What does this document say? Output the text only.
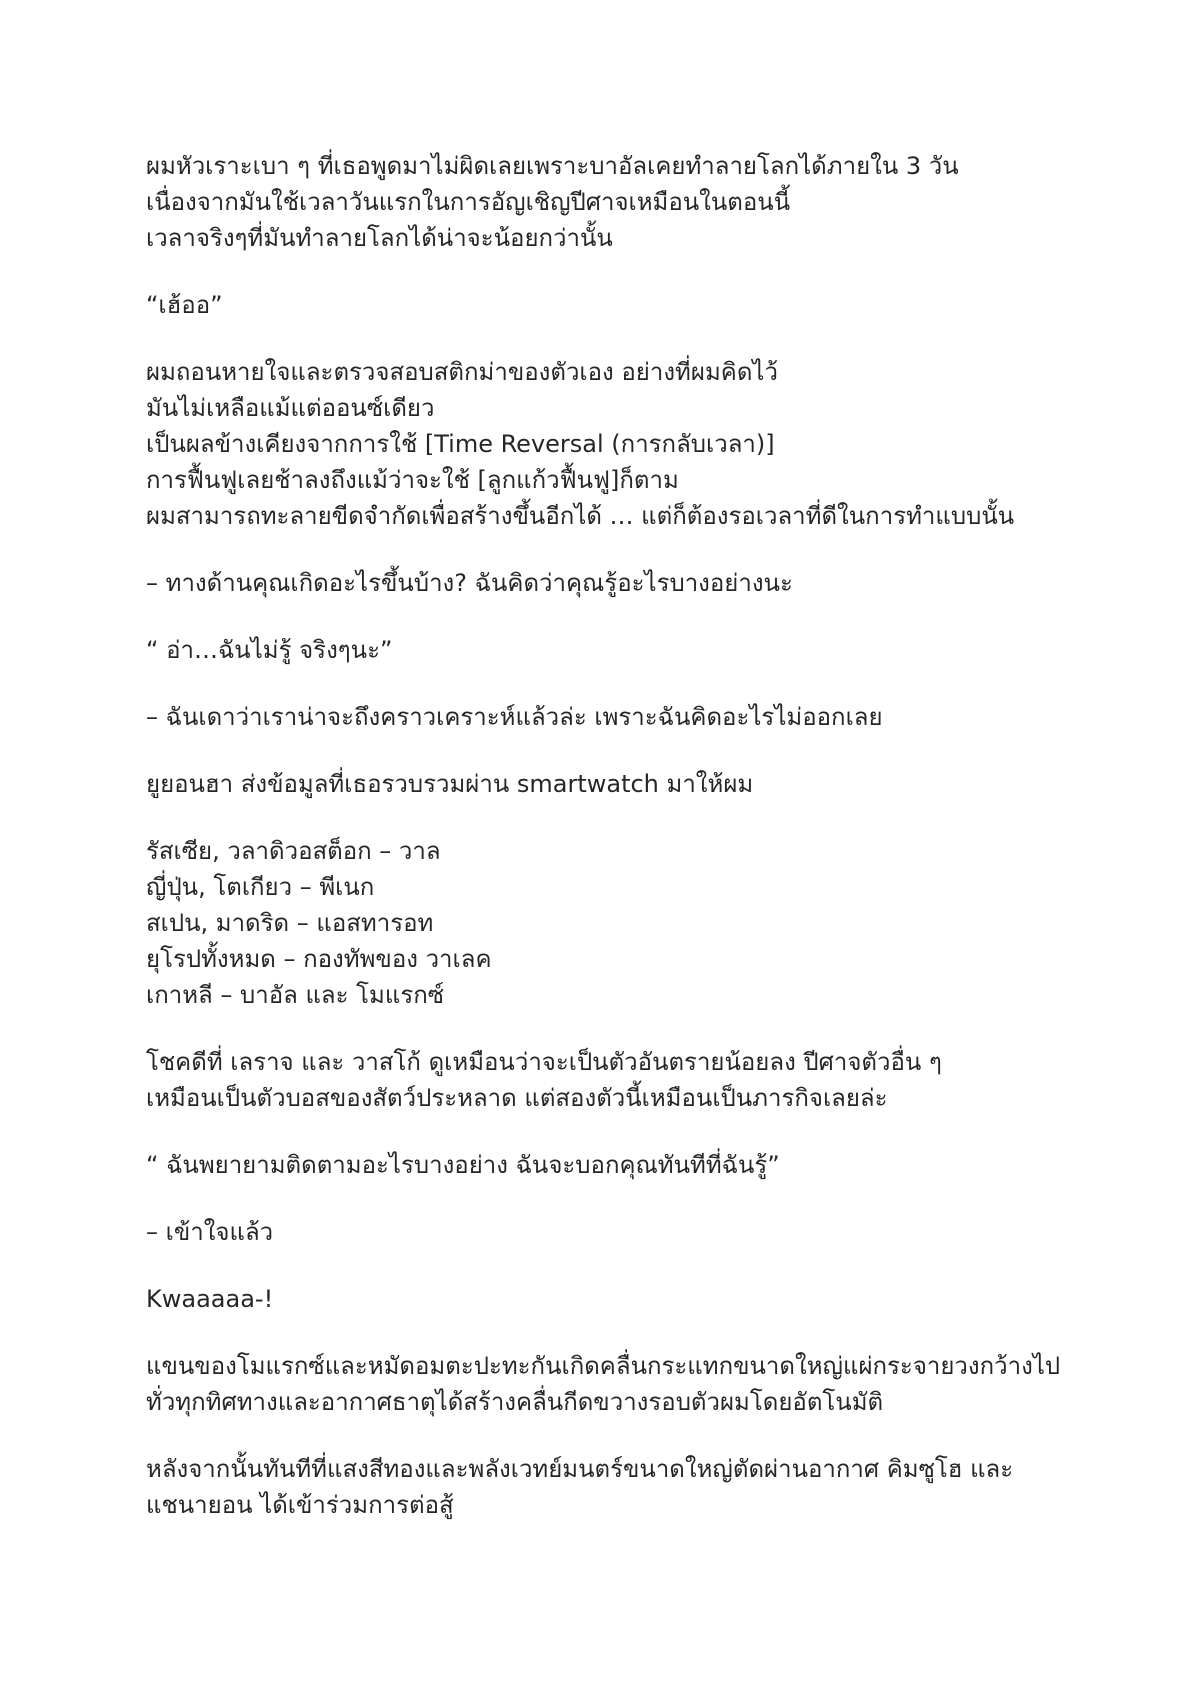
ผมหัวเราะเบา ๆ ที่เธอพูดมาไม่ผิดเลยเพราะบาอัลเคยทำลายโลกได้ภายใน 3 วัน
เนื่องจากมันใช้เวลาวันแรกในการอัญเชิญปีศาจเหมือนในตอนนี้
เวลาจริงๆที่มันทำลายโลกได้น่าจะน้อยกว่านั้น
“เฮ้ออ”
ผมถอนหายใจและตรวจสอบสติกม่าของตัวเอง อย่างที่ผมคิดไว้
มันไม่เหลือแม้แต่ออนซ์เดียว
เป็นผลข้างเคียงจากการใช้ [Time Reversal (การกลับเวลา)]
การฟื้นฟูเลยช้าลงถึงแม้ว่าจะใช้ [ลูกแก้วฟื้นฟู]ก็ตาม
ผมสามารถทะลายขีดจำกัดเพื่อสร้างขึ้นอีกได้ … แต่ก็ต้องรอเวลาที่ดีในการทำแบบนั้น
– ทางด้านคุณเกิดอะไรขึ้นบ้าง? ฉันคิดว่าคุณรู้อะไรบางอย่างนะ
“ อ่า…ฉันไม่รู้ จริงๆนะ”
– ฉันเดาว่าเราน่าจะถึงคราวเคราะห์แล้วล่ะ เพราะฉันคิดอะไรไม่ออกเลย
ยูยอนฮา ส่งข้อมูลที่เธอรวบรวมผ่าน smartwatch มาให้ผม
รัสเซีย, วลาดิวอสต็อก – วาล
ญี่ปุ่น, โตเกียว – พีเนก
สเปน, มาดริด – แอสทารอท
ยุโรปทั้งหมด – กองทัพของ วาเลค
เกาหลี – บาอัล และ โมแรกซ์
โชคดีที่ เลราจ และ วาสโก้ ดูเหมือนว่าจะเป็นตัวอันตรายน้อยลง ปีศาจตัวอื่น ๆ
เหมือนเป็นตัวบอสของสัตว์ประหลาด แต่สองตัวนี้เหมือนเป็นภารกิจเลยล่ะ
“ ฉันพยายามติดตามอะไรบางอย่าง ฉันจะบอกคุณทันทีที่ฉันรู้”
– เข้าใจแล้ว
Kwaaaaa-!
แขนของโมแรกซ์และหมัดอมตะปะทะกันเกิดคลื่นกระแทกขนาดใหญ่แผ่กระจายวงกว้างไป
ทั่วทุกทิศทางและอากาศธาตุได้สร้างคลื่นกีดขวางรอบตัวผมโดยอัตโนมัติ
หลังจากนั้นทันทีที่แสงสีทองและพลังเวทย์มนตร์ขนาดใหญ่ตัดผ่านอากาศ คิมซูโฮ และ
แชนายอน ได้เข้าร่วมการต่อสู้
